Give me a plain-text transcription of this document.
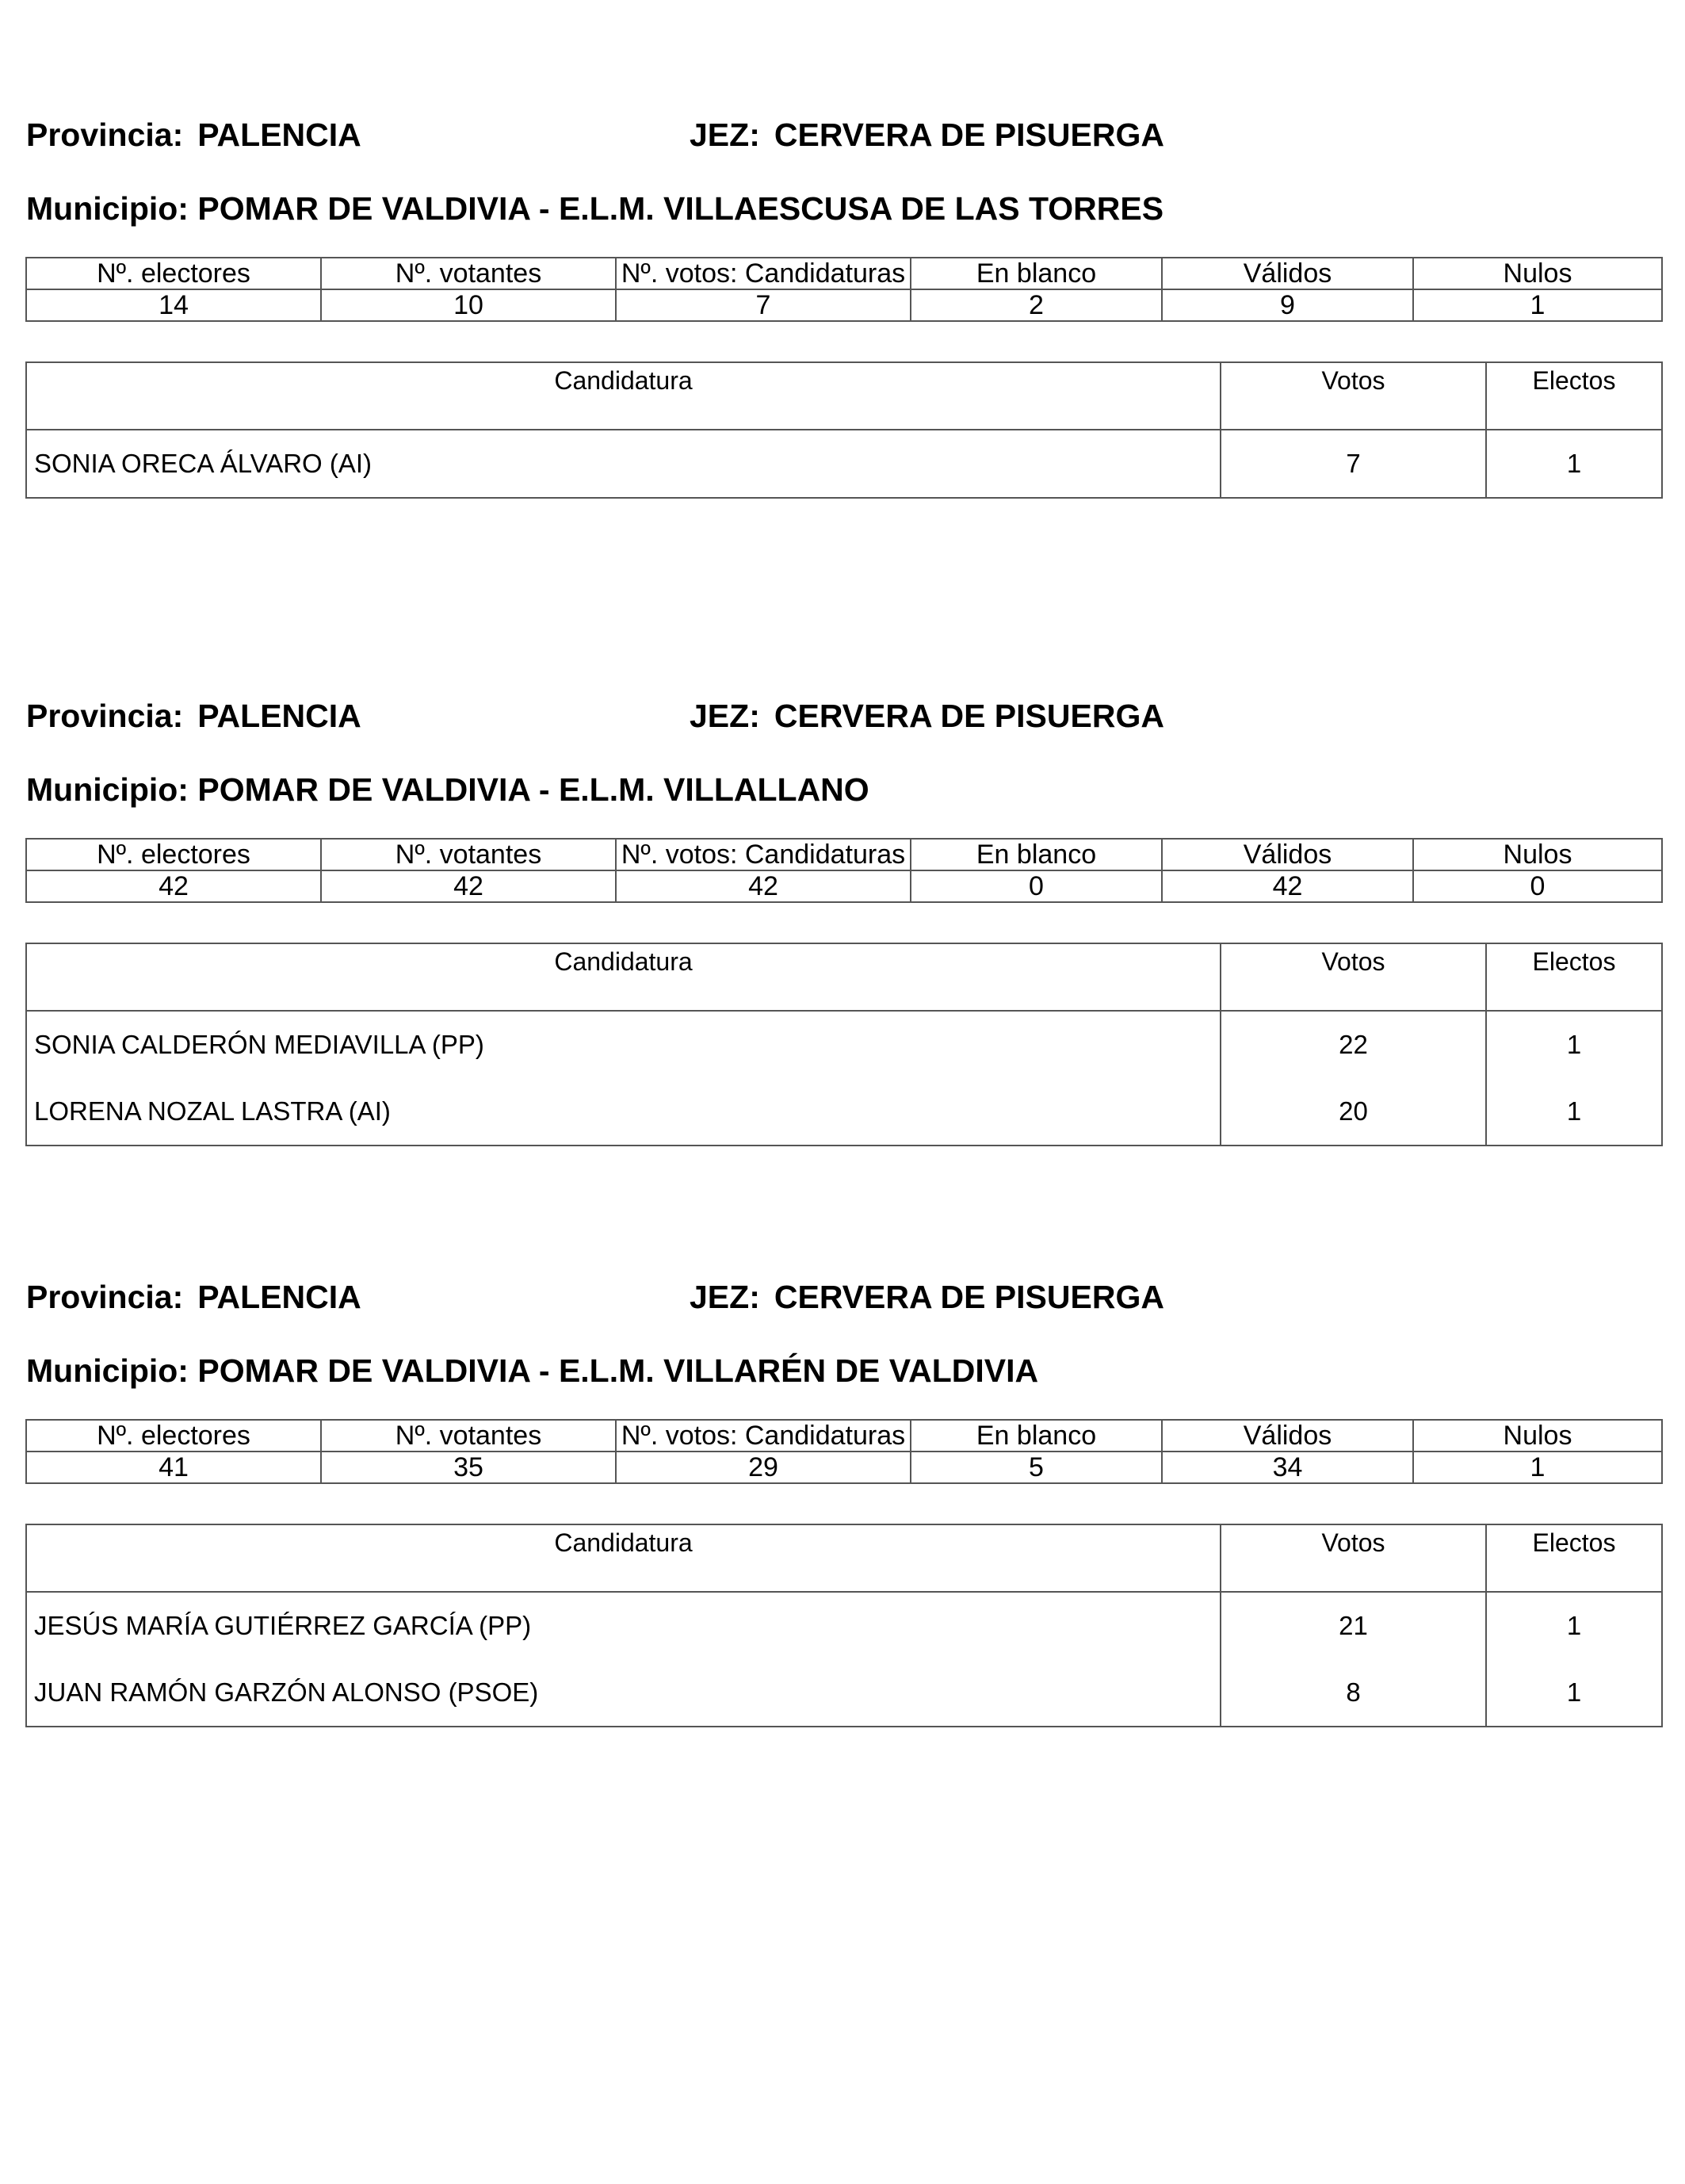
Provincia: PALENCIA	JEZ: CERVERA DE PISUERGA
Municipio: POMAR DE VALDIVIA - E.L.M. VILLAESCUSA DE LAS TORRES
Nº. electores	Nº. votantes	Nº. votos: Candidaturas	En blanco	Válidos	Nulos
14	10	7	2	9	1
Candidatura	Votos	Electos
SONIA ORECA ÁLVARO (AI)	7	1
Provincia: PALENCIA	JEZ: CERVERA DE PISUERGA
Municipio: POMAR DE VALDIVIA - E.L.M. VILLALLANO
Nº. electores	Nº. votantes	Nº. votos: Candidaturas	En blanco	Válidos	Nulos
42	42	42	0	42	0
Candidatura	Votos	Electos
SONIA CALDERÓN MEDIAVILLA (PP)	22	1
LORENA NOZAL LASTRA (AI)	20	1
Provincia: PALENCIA	JEZ: CERVERA DE PISUERGA
Municipio: POMAR DE VALDIVIA - E.L.M. VILLARÉN DE VALDIVIA
Nº. electores	Nº. votantes	Nº. votos: Candidaturas	En blanco	Válidos	Nulos
41	35	29	5	34	1
Candidatura	Votos	Electos
JESÚS MARÍA GUTIÉRREZ GARCÍA (PP)	21	1
JUAN RAMÓN GARZÓN ALONSO (PSOE)	8	1
